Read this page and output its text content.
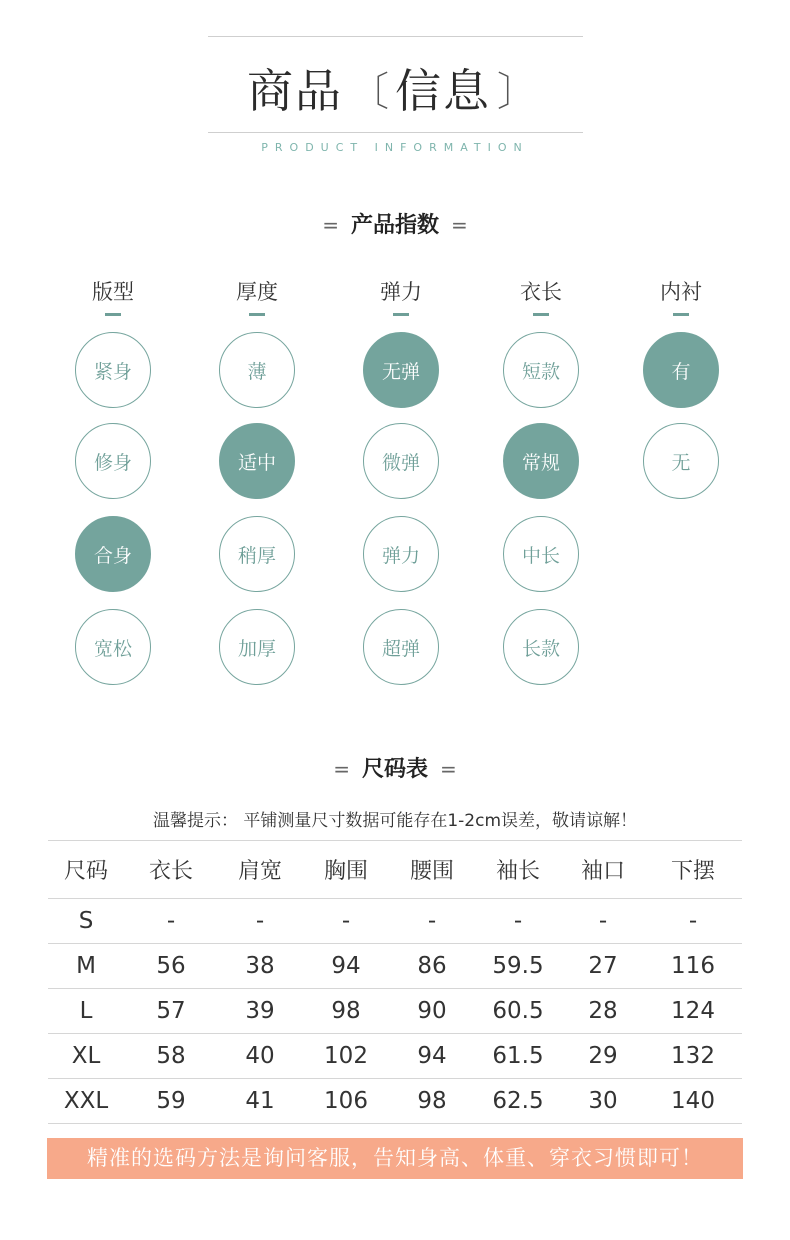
商品 〔 信息 〕
PRODUCT INFORMATION
= 产品指数 =
版型
紧身
修身
合身
宽松
厚度
薄
适中
稍厚
加厚
弹力
无弹
微弹
弹力
超弹
衣长
短款
常规
中长
长款
内衬
有
无
= 尺码表 =
温馨提示： 平铺测量尺寸数据可能存在1-2cm误差，敬请谅解！
尺码	衣长	肩宽	胸围	腰围	袖长	袖口	下摆
S	-	-	-	-	-	-	-
M	56	38	94	86	59.5	27	116
L	57	39	98	90	60.5	28	124
XL	58	40	102	94	61.5	29	132
XXL	59	41	106	98	62.5	30	140
精准的选码方法是询问客服，告知身高、体重、穿衣习惯即可！
